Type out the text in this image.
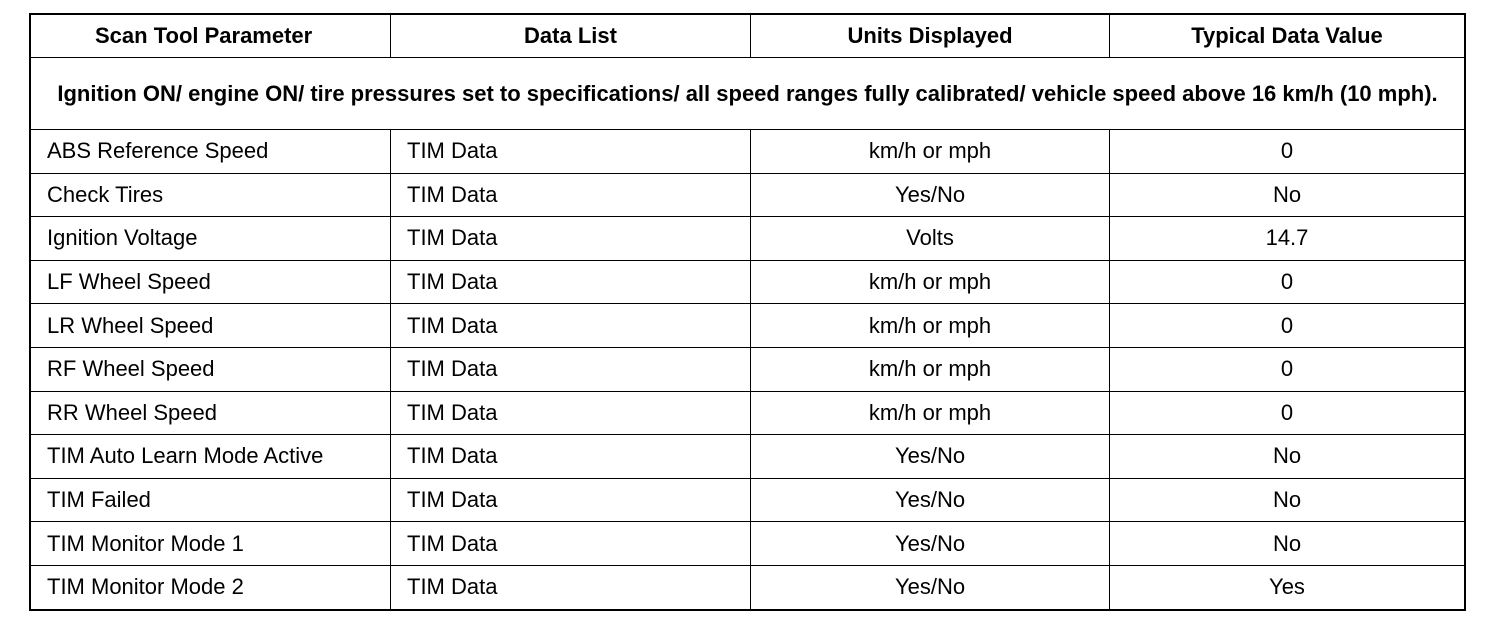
Scan Tool Parameter	Data List	Units Displayed	Typical Data Value
Ignition ON/ engine ON/ tire pressures set to specifications/ all speed ranges fully calibrated/ vehicle speed above 16 km/h (10 mph).
ABS Reference Speed	TIM Data	km/h or mph	0
Check Tires	TIM Data	Yes/No	No
Ignition Voltage	TIM Data	Volts	14.7
LF Wheel Speed	TIM Data	km/h or mph	0
LR Wheel Speed	TIM Data	km/h or mph	0
RF Wheel Speed	TIM Data	km/h or mph	0
RR Wheel Speed	TIM Data	km/h or mph	0
TIM Auto Learn Mode Active	TIM Data	Yes/No	No
TIM Failed	TIM Data	Yes/No	No
TIM Monitor Mode 1	TIM Data	Yes/No	No
TIM Monitor Mode 2	TIM Data	Yes/No	Yes
